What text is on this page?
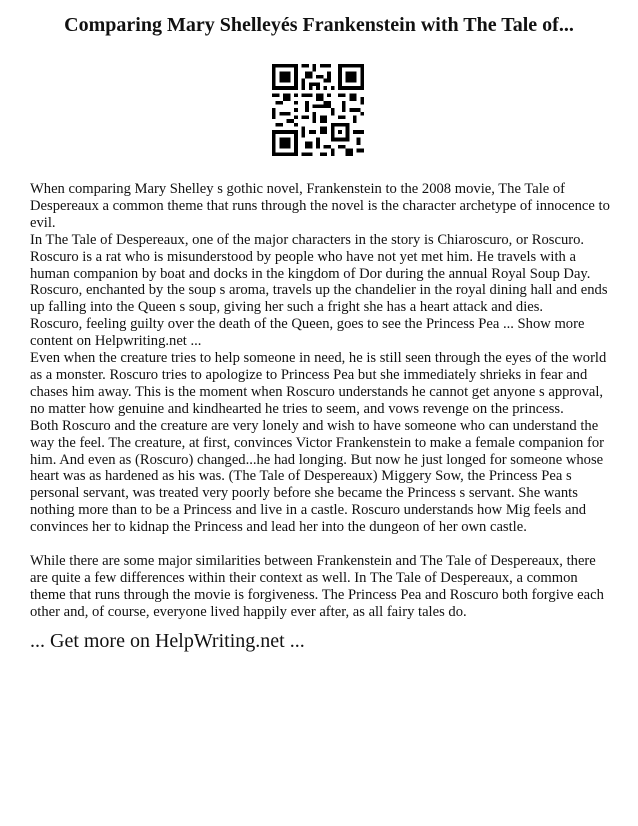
Comparing Mary Shelleyés Frankenstein with The Tale of...

When comparing Mary Shelley s gothic novel, Frankenstein to the 2008 movie, The Tale of Despereaux a common theme that runs through the novel is the character archetype of innocence to evil.

In The Tale of Despereaux, one of the major characters in the story is Chiaroscuro, or Roscuro. Roscuro is a rat who is misunderstood by people who have not yet met him. He travels with a human companion by boat and docks in the kingdom of Dor during the annual Royal Soup Day. Roscuro, enchanted by the soup s aroma, travels up the chandelier in the royal dining hall and ends up falling into the Queen s soup, giving her such a fright she has a heart attack and dies.

Roscuro, feeling guilty over the death of the Queen, goes to see the Princess Pea ... Show more content on Helpwriting.net ...

Even when the creature tries to help someone in need, he is still seen through the eyes of the world as a monster. Roscuro tries to apologize to Princess Pea but she immediately shrieks in fear and chases him away. This is the moment when Roscuro understands he cannot get anyone s approval, no matter how genuine and kindhearted he tries to seem, and vows revenge on the princess.

Both Roscuro and the creature are very lonely and wish to have someone who can understand the way the feel. The creature, at first, convinces Victor Frankenstein to make a female companion for him. And even as (Roscuro) changed...he had longing. But now he just longed for someone whose heart was as hardened as his was. (The Tale of Despereaux) Miggery Sow, the Princess Pea s personal servant, was treated very poorly before she became the Princess s servant. She wants nothing more than to be a Princess and live in a castle. Roscuro understands how Mig feels and convinces her to kidnap the Princess and lead her into the dungeon of her own castle.

While there are some major similarities between Frankenstein and The Tale of Despereaux, there are quite a few differences within their context as well. In The Tale of Despereaux, a common theme that runs through the movie is forgiveness. The Princess Pea and Roscuro both forgive each other and, of course, everyone lived happily ever after, as all fairy tales do.

... Get more on HelpWriting.net ...
